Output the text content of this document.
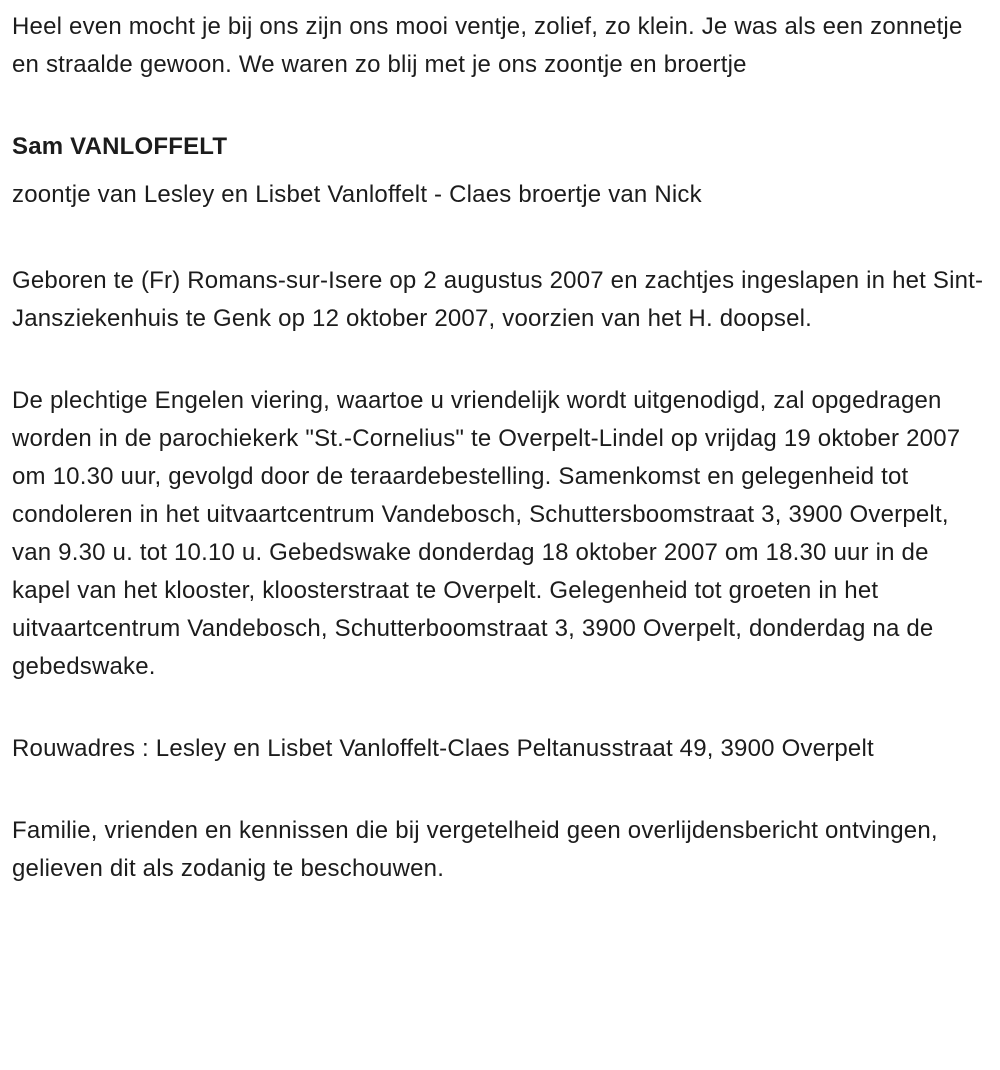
Heel even mocht je bij ons zijn ons mooi ventje, zolief, zo klein. Je was als een zonnetje en straalde gewoon. We waren zo blij met je ons zoontje en broertje

Sam VANLOFFELT

zoontje van Lesley en Lisbet Vanloffelt - Claes broertje van Nick

Geboren te (Fr) Romans-sur-Isere op 2 augustus 2007 en zachtjes ingeslapen in het Sint-Jansziekenhuis te Genk op 12 oktober 2007, voorzien van het H. doopsel.

De plechtige Engelen viering, waartoe u vriendelijk wordt uitgenodigd, zal opgedragen worden in de parochiekerk "St.-Cornelius" te Overpelt-Lindel op vrijdag 19 oktober 2007 om 10.30 uur, gevolgd door de teraardebestelling. Samenkomst en gelegenheid tot condoleren in het uitvaartcentrum Vandebosch, Schuttersboomstraat 3, 3900 Overpelt, van 9.30 u. tot 10.10 u. Gebedswake donderdag 18 oktober 2007 om 18.30 uur in de kapel van het klooster, kloosterstraat te Overpelt. Gelegenheid tot groeten in het uitvaartcentrum Vandebosch, Schutterboomstraat 3, 3900 Overpelt, donderdag na de gebedswake.

Rouwadres : Lesley en Lisbet Vanloffelt-Claes Peltanusstraat 49, 3900 Overpelt

Familie, vrienden en kennissen die bij vergetelheid geen overlijdensbericht ontvingen, gelieven dit als zodanig te beschouwen.
